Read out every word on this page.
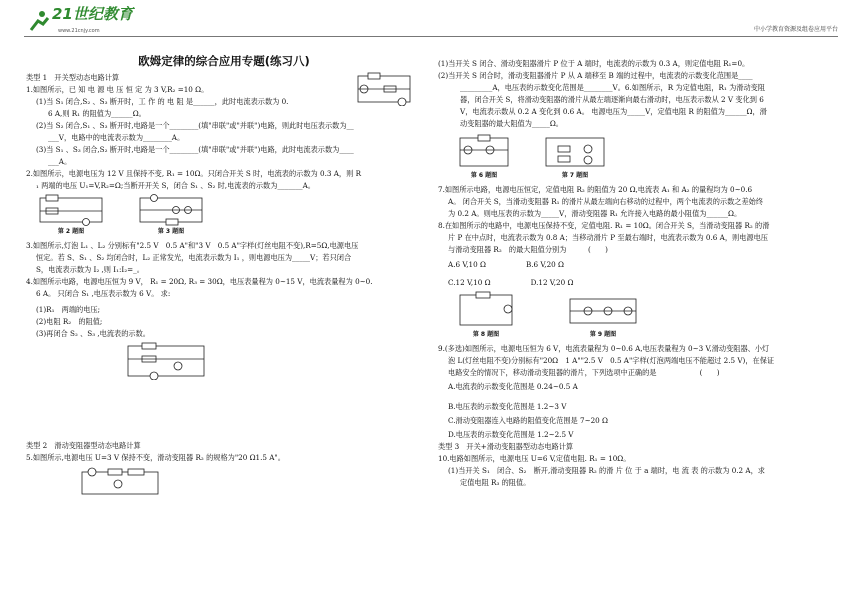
21世纪教育
www.21cnjy.com	中小学教育资源及组卷应用平台
欧姆定律的综合应用专题(练习八)

类型 1　开关型动态电路计算

1.如图所示，已 知 电 源 电 压 恒 定 为 3 V,R₂ =10 Ω。

(1)当 S₁ 闭合,S₂ 、S₃ 断开时，工 作 的 电 阻 是______，此时电流表示数为 0.

6 A,则 R₁ 的阻值为______Ω。

(2)当 S₂ 闭合,S₁ 、S₃ 断开时,电路是一个________(填"串联"或"并联")电路，则此时电压表示数为__

___V，电路中的电流表示数为________A。

(3)当 S₁ 、S₃ 闭合,S₂ 断开时,电路是一个________(填"串联"或"并联")电路，此时电流表示数为____

___A。

2.如图所示，电源电压为 12 V 且保持不变, R₁ = 10Ω。只闭合开关 S 时，电流表的示数为 0.3 A，则 R

₁ 两端的电压 U₁=V,R₂=Ω;当断开开关 S，闭合 S₁ 、S₂ 时,电流表的示数为_______A。

第 2 题图	第 3 题图

3.如图所示,灯泡 L₁ 、L₂ 分别标有"2.5 V　0.5 A"和"3 V　0.5 A"字样(灯丝电阻不变),R=5Ω,电源电压

恒定。若 S、S₁ 、S₂ 均闭合时，L₂ 正常发光，电流表示数为 I₁ ，则电源电压为_____V；若只闭合

S，电流表示数为 I₂ ,则 I₁:I₂=_。

4.如图所示电路，电源电压恒为 9 V， R₁ = 20Ω, R₃ = 30Ω，电压表量程为 0~15 V，电流表量程为 0~0.

6 A。 只闭合 S₁ ,电压表示数为 6 V。 求:

(1)R₁　两端的电压;

(2)电阻 R₂　的阻值;

(3)再闭合 S₂ 、S₃ ,电流表的示数。

类型 2　滑动变阻器型动态电路计算

5.如图所示,电源电压 U=3 V 保持不变，滑动变阻器 R₂ 的规格为"20 Ω1.5 A"。

(1)当开关 S 闭合、滑动变阻器滑片 P 位于 A 端时，电流表的示数为 0.3 A，则定值电阻 R₁=0。

(2)当开关 S 闭合时，滑动变阻器滑片 P 从 A 端移至 B 端的过程中，电流表的示数变化范围是____

_________A，电压表的示数变化范围是________V。6.如图所示，R 为定值电阻，R₁ 为滑动变阻

器，闭合开关 S，将滑动变阻器的滑片从最左端逐渐向最右滑动时，电压表示数从 2 V 变化到 6

V，电流表示数从 0.2 A 变化到 0.6 A。 电源电压为_____V，定值电阻 R 的阻值为______Ω，滑

动变阻器的最大阻值为_____Ω。

第 6 题图	第 7 题图

7.如图所示电路，电源电压恒定，定值电阻 R₂ 的阻值为 20 Ω,电流表 A₁ 和 A₂ 的量程均为 0~0.6

A。 闭合开关 S，当滑动变阻器 R₁ 的滑片从最左端向右移动的过程中，两个电流表的示数之差始终

为 0.2 A。则电压表的示数为_____V，滑动变阻器 R₁ 允许接入电路的最小阻值为______Ω。

8.在如图所示的电路中，电源电压保持不变，定值电阻. R₁ = 10Ω。闭合开关 S，当滑动变阻器 R₂ 的滑

片 P 在中点时，电流表示数为 0.8 A；当移动滑片 P 至最右端时，电流表示数为 0.6 A，则电源电压

与滑动变阻器 R₂　的最大阻值分别为　　　(　　)

A.6 V,10 Ω	B.6 V,20 Ω
C.12 V,10 Ω	D.12 V,20 Ω
第 8 题图	第 9 题图

9.(多选)如图所示，电源电压恒为 6 V，电流表量程为 0~0.6 A,电压表量程为 0~3 V,滑动变阻器、小灯

泡 L(灯丝电阻不变)分别标有"20Ω　1 A""2.5 V　0.5 A"字样(灯泡两端电压不能超过 2.5 V)，在保证

电路安全的情况下，移动滑动变阻器的滑片，下列选项中正确的是　　　　　　(　　)

A.电流表的示数变化范围是 0.24~0.5 A

B.电压表的示数变化范围是 1.2~3 V

C.滑动变阻器连入电路的阻值变化范围是 7~20 Ω

D.电压表的示数变化范围是 1.2~2.5 V

类型 3　开关+滑动变阻器型动态电路计算

10.电路如图所示，电源电压 U=6 V,定值电阻. R₁ = 10Ω。

(1)当开关 S₁　闭合、S₂　断开,滑动变阻器 R₂ 的滑 片 位 于 a 端时，电 流 表 的示数为 0.2 A，求

定值电阻 R₃ 的阻值。
